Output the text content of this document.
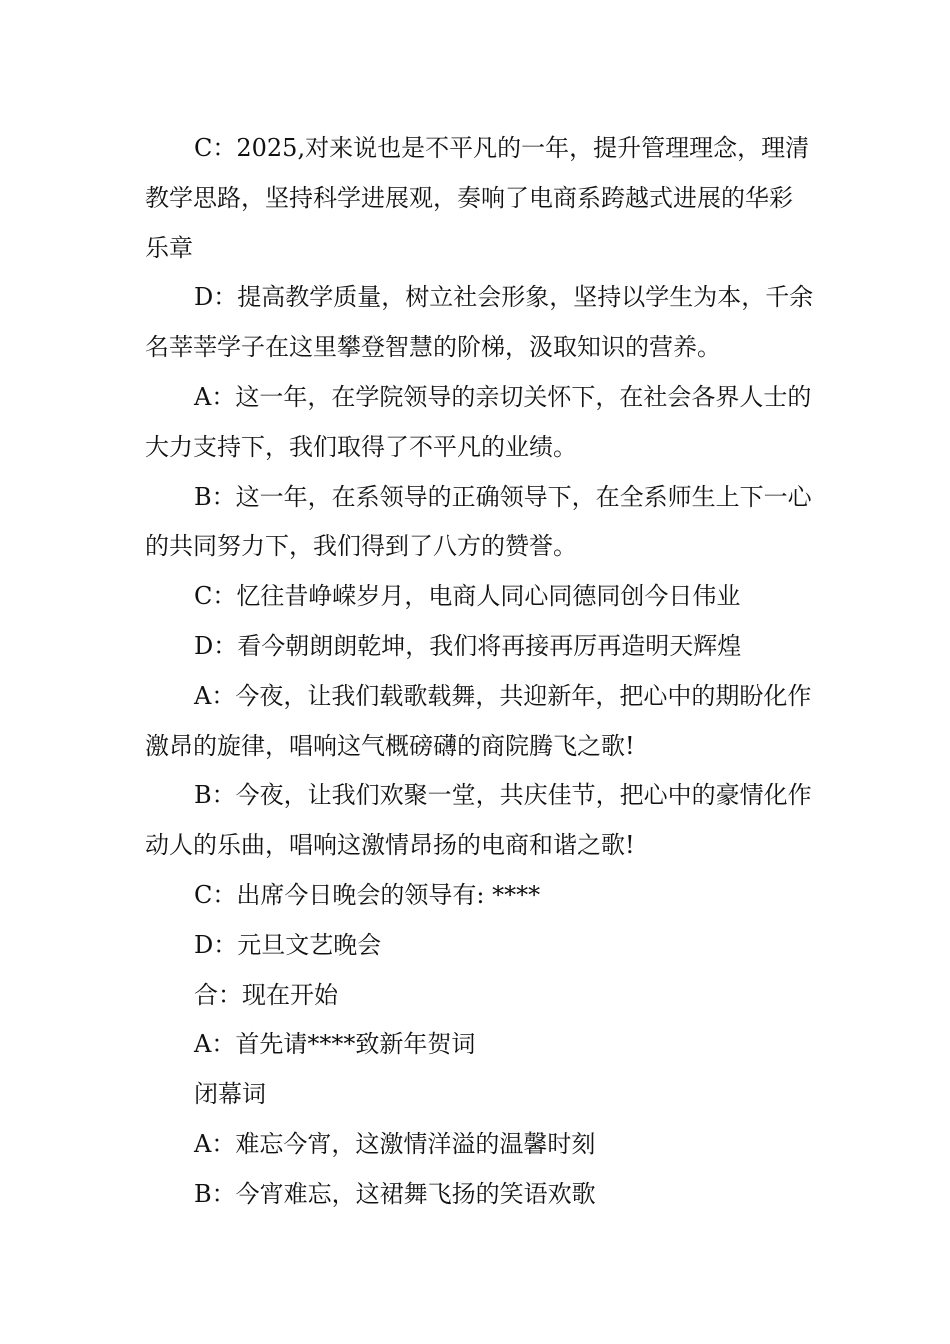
C：2025,对来说也是不平凡的一年，提升管理理念，理清教学思路，坚持科学进展观，奏响了电商系跨越式进展的华彩乐章

D：提高教学质量，树立社会形象，坚持以学生为本，千余名莘莘学子在这里攀登智慧的阶梯，汲取知识的营养。

A：这一年，在学院领导的亲切关怀下，在社会各界人士的大力支持下，我们取得了不平凡的业绩。

B：这一年，在系领导的正确领导下，在全系师生上下一心的共同努力下，我们得到了八方的赞誉。

C：忆往昔峥嵘岁月，电商人同心同德同创今日伟业

D：看今朝朗朗乾坤，我们将再接再厉再造明天辉煌

A：今夜，让我们载歌载舞，共迎新年，把心中的期盼化作激昂的旋律，唱响这气概磅礴的商院腾飞之歌!

B：今夜，让我们欢聚一堂，共庆佳节，把心中的豪情化作动人的乐曲，唱响这激情昂扬的电商和谐之歌!

C：出席今日晚会的领导有: ****

D：元旦文艺晚会

合：现在开始

A：首先请****致新年贺词

闭幕词

A：难忘今宵，这激情洋溢的温馨时刻

B：今宵难忘，这裙舞飞扬的笑语欢歌
